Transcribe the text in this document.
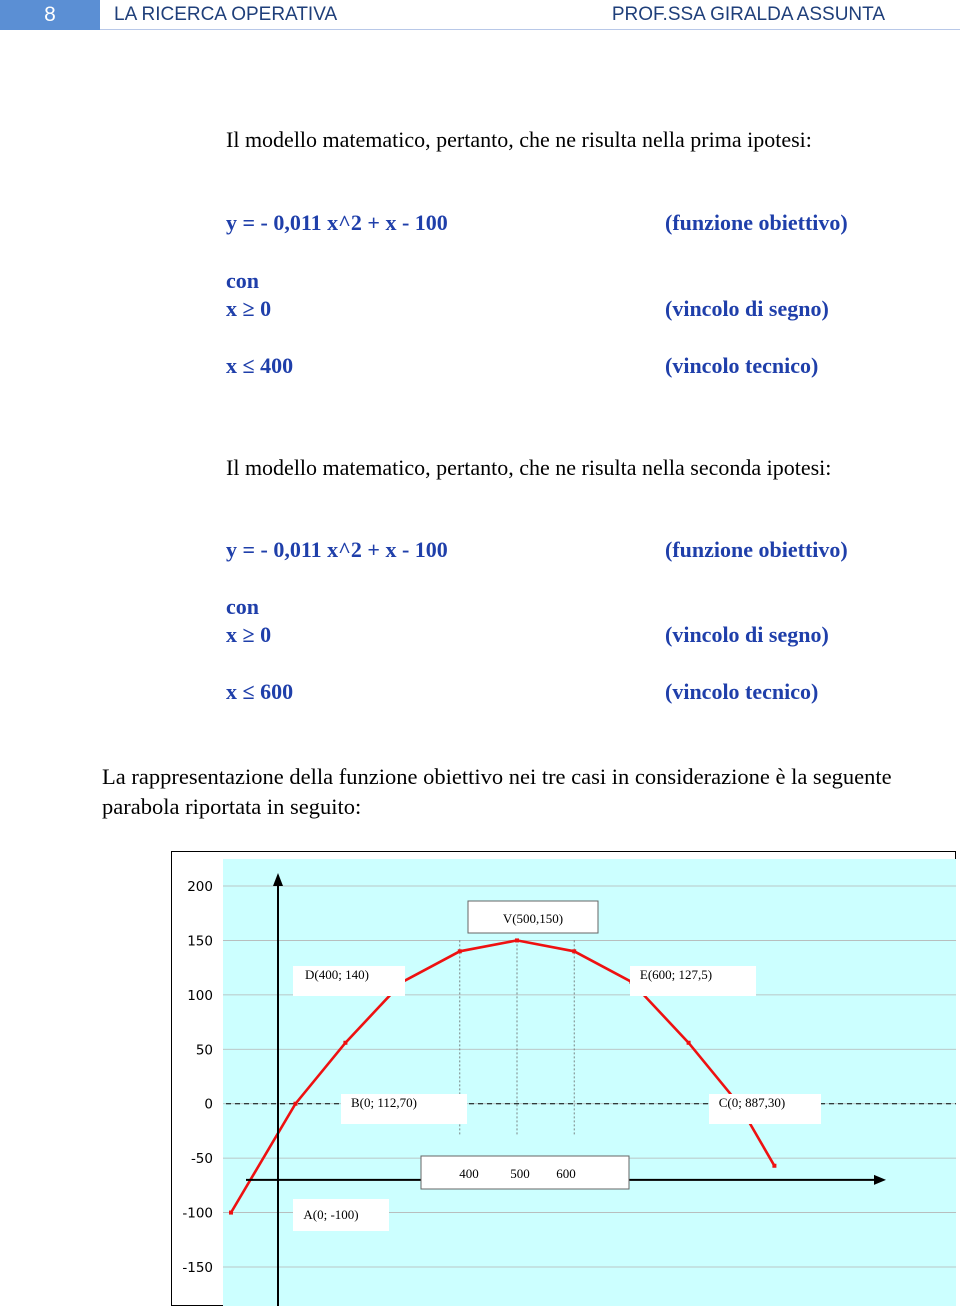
8	LA RICERCA OPERATIVA	PROF.SSA GIRALDA ASSUNTA
Il modello matematico, pertanto, che ne risulta nella prima ipotesi:
y = - 0,011 x^2 + x - 100	(funzione obiettivo)
con
x ≥ 0	(vincolo di segno)
x ≤ 400	(vincolo tecnico)
Il modello matematico, pertanto, che ne risulta nella seconda ipotesi:
y = - 0,011 x^2 + x - 100	(funzione obiettivo)
con
x ≥ 0	(vincolo di segno)
x ≤ 600	(vincolo tecnico)
La rappresentazione della funzione obiettivo nei tre casi in considerazione è la seguente parabola riportata in seguito:
200
150
100
50
0
-50
-100
-150
V(500,150)
D(400; 140)	E(600; 127,5)
B(0; 112,70)	C(0; 887,30)
A(0; -100)
400 500 600
